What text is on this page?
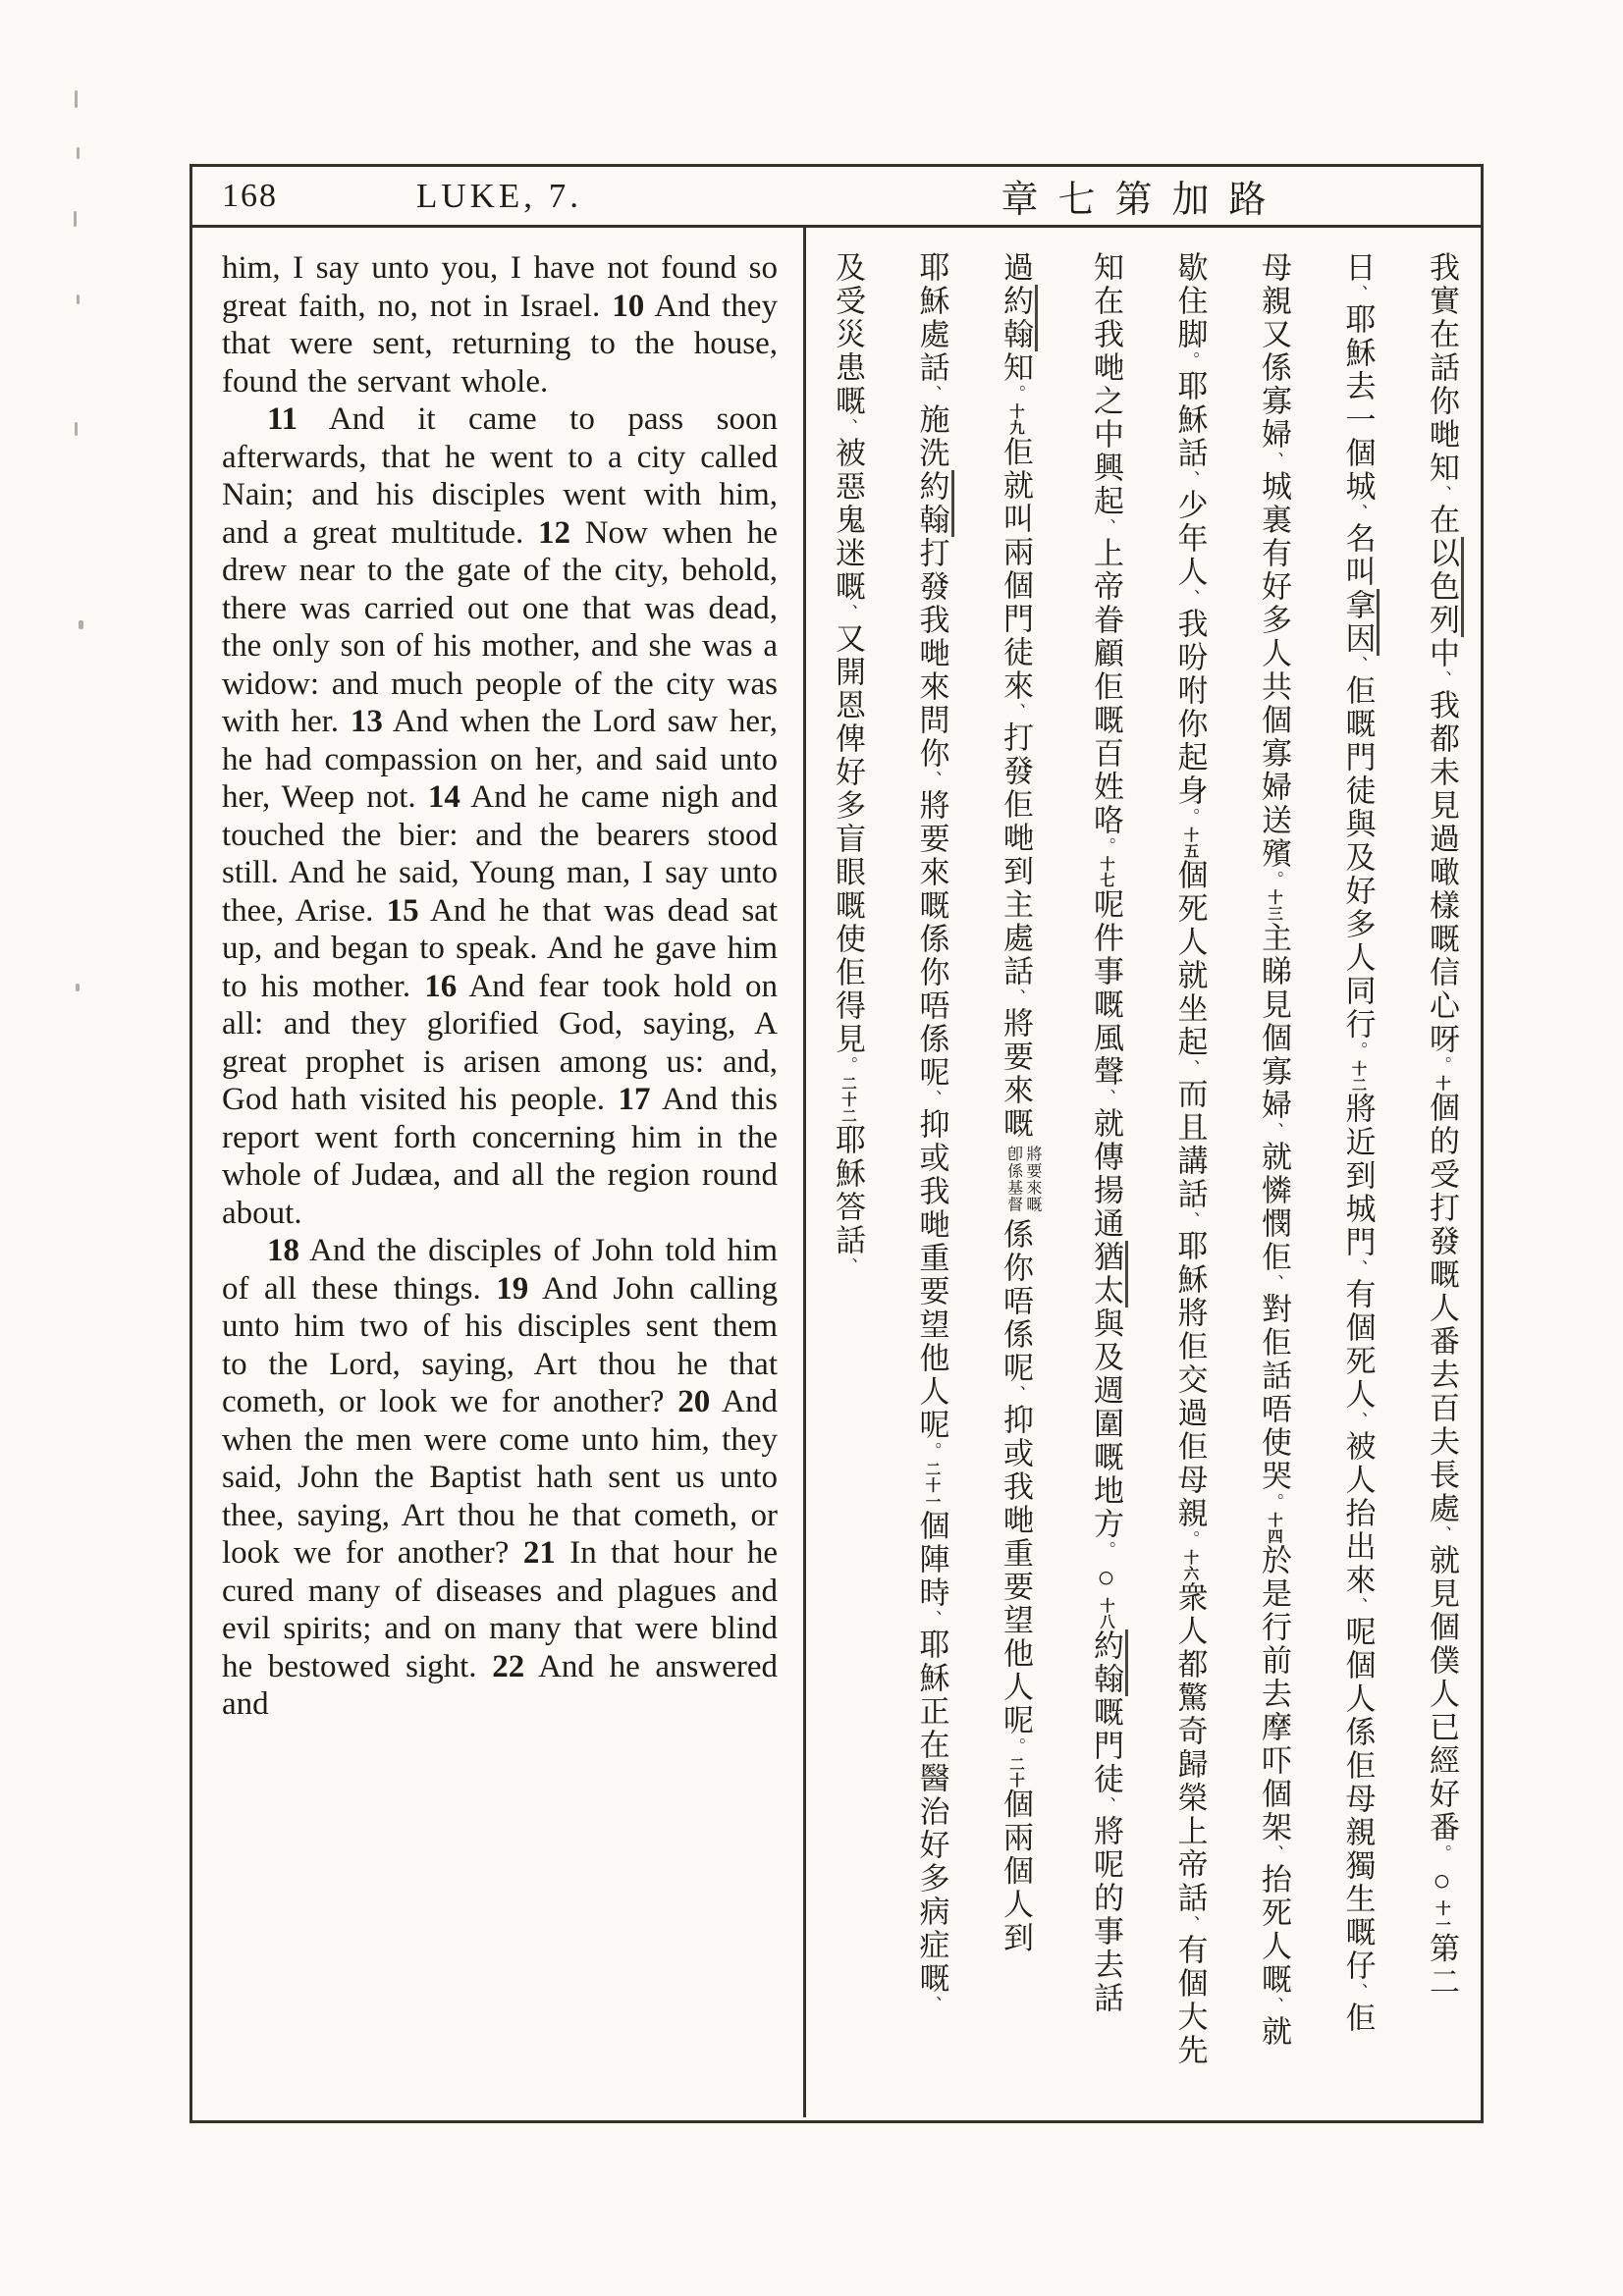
168	LUKE, 7.	章七第加路

him, I say unto you, I have not found so great faith, no, not in Israel. 10 And they that were sent, returning to the house, found the servant whole.

11 And it came to pass soon afterwards, that he went to a city called Nain; and his disciples went with him, and a great multitude. 12 Now when he drew near to the gate of the city, behold, there was carried out one that was dead, the only son of his mother, and she was a widow: and much people of the city was with her. 13 And when the Lord saw her, he had compassion on her, and said unto her, Weep not. 14 And he came nigh and touched the bier: and the bearers stood still. And he said, Young man, I say unto thee, Arise. 15 And he that was dead sat up, and began to speak. And he gave him to his mother. 16 And fear took hold on all: and they glorified God, saying, A great prophet is arisen among us: and, God hath visited his people. 17 And this report went forth concerning him in the whole of Judæa, and all the region round about.

18 And the disciples of John told him of all these things. 19 And John calling unto him two of his disciples sent them to the Lord, saying, Art thou he that cometh, or look we for another? 20 And when the men were come unto him, they said, John the Baptist hath sent us unto thee, saying, Art thou he that cometh, or look we for another? 21 In that hour he cured many of diseases and plagues and evil spirits; and on many that were blind he bestowed sight. 22 And he answered and

我實在話你哋知、在以色列中、我都未見過噉樣嘅信心呀。十個的受打發嘅人番去百夫長處、就見個僕人已經好番。○十一第二
日、耶穌去一個城、名叫拿因、佢嘅門徒與及好多人同行。十二將近到城門、有個死人、被人抬出來、呢個人係佢母親獨生嘅仔、佢
母親又係寡婦、城裏有好多人共個寡婦送殯。十三主睇見個寡婦、就憐憫佢、對佢話唔使哭。十四於是行前去摩吓個架、抬死人嘅、就
歇住脚。耶穌話、少年人、我吩咐你起身。十五個死人就坐起、而且講話、耶穌將佢交過佢母親。十六衆人都驚奇歸榮上帝話、有個大先
知在我哋之中興起、上帝眷顧佢嘅百姓咯。十七呢件事嘅風聲、就傳揚通猶太與及週圍嘅地方。○十八約翰嘅門徒、將呢的事去話
過約翰知。十九佢就叫兩個門徒來、打發佢哋到主處話、將要來嘅
將要來嘅
卽係基督
係你唔係呢、抑或我哋重要望他人呢。二十個兩個人到
耶穌處話、施洗約翰打發我哋來問你、將要來嘅係你唔係呢、抑或我哋重要望他人呢。二十一個陣時、耶穌正在醫治好多病症嘅、
及受災患嘅、被惡鬼迷嘅、又開恩俾好多盲眼嘅使佢得見。二十二耶穌答話、
